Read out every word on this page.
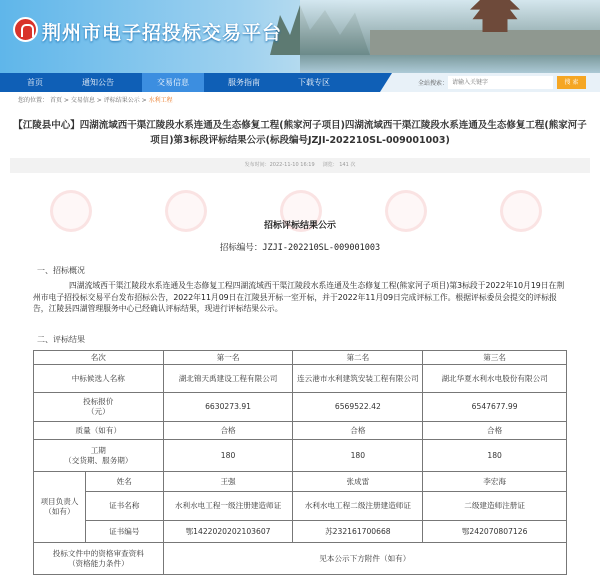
荆州市电子招投标交易平台
首页	通知公告	交易信息	服务指南	下载专区	全站搜索：
请输入关键字	搜 索
您的位置： 首页 > 交易信息 > 评标结果公示 > 水利工程
【江陵县中心】四湖流域西干渠江陵段水系连通及生态修复工程(熊家河子项目)四湖流域西干渠江陵段水系连通及生态修复工程(熊家河子项目)第3标段评标结果公示(标段编号JZJI-202210SL-009001003)
发布时间：2022-11-10 16:19 浏览： 141 次
招标评标结果公示
招标编号：JZJI-202210SL-009001003
一、招标概况
四湖流域西干渠江陵段水系连通及生态修复工程四湖流域西干渠江陵段水系连通及生态修复工程(熊家河子项目)第3标段于2022年10月19日在荆州市电子招投标交易平台发布招标公告，2022年11月09日在江陵县开标一室开标，并于2022年11月09日完成评标工作。根据评标委员会提交的评标报告，江陵县四湖管理服务中心已经确认评标结果，现进行评标结果公示。
二、评标结果
名次		第一名	第二名	第三名
中标候选人名称		湖北锦天禹建设工程有限公司	连云港市水利建筑安装工程有限公司	湖北华夏水利水电股份有限公司
投标报价
（元）		6630273.91	6569522.42	6547677.99
质量（如有）		合格	合格	合格
工期
（交货期、服务期）		180	180	180
项目负责人
（如有）	姓名	王强	张成雷	李宏海
	证书名称	水利水电工程一级注册建造师证	水利水电工程二级注册建造师证	二级建造师注册证
	证书编号	鄂1422020202103607	苏232161700668	鄂242070807126
投标文件中的资格审查资料
（资格能力条件）		见本公示下方附件（如有）		
